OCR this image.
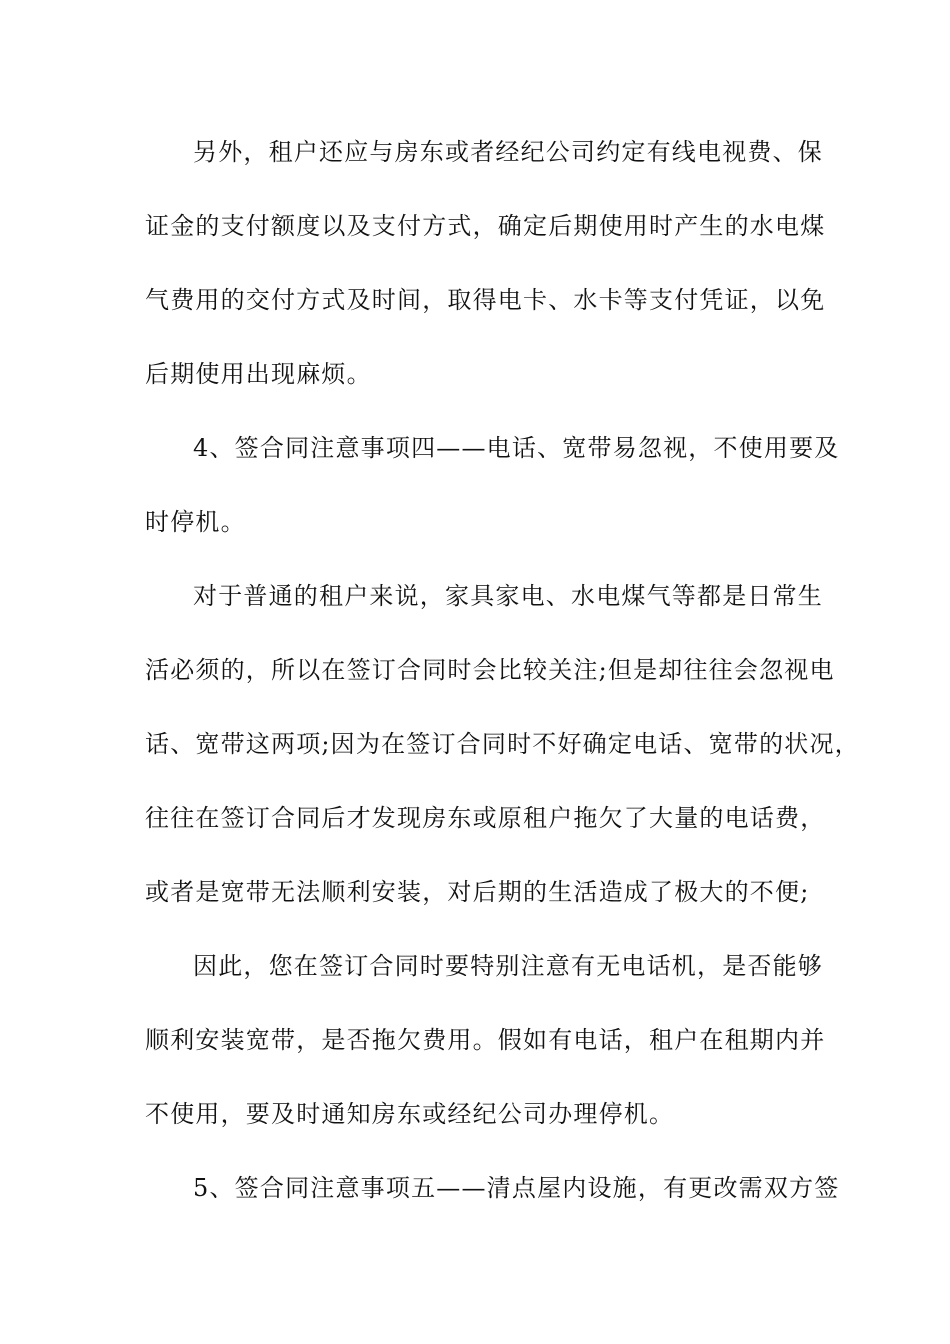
另外，租户还应与房东或者经纪公司约定有线电视费、保
证金的支付额度以及支付方式，确定后期使用时产生的水电煤
气费用的交付方式及时间，取得电卡、水卡等支付凭证，以免
后期使用出现麻烦。
4、签合同注意事项四——电话、宽带易忽视，不使用要及
时停机。
对于普通的租户来说，家具家电、水电煤气等都是日常生
活必须的，所以在签订合同时会比较关注;但是却往往会忽视电
话、宽带这两项;因为在签订合同时不好确定电话、宽带的状况，
往往在签订合同后才发现房东或原租户拖欠了大量的电话费，
或者是宽带无法顺利安装，对后期的生活造成了极大的不便;
因此，您在签订合同时要特别注意有无电话机，是否能够
顺利安装宽带，是否拖欠费用。假如有电话，租户在租期内并
不使用，要及时通知房东或经纪公司办理停机。
5、签合同注意事项五——清点屋内设施，有更改需双方签
